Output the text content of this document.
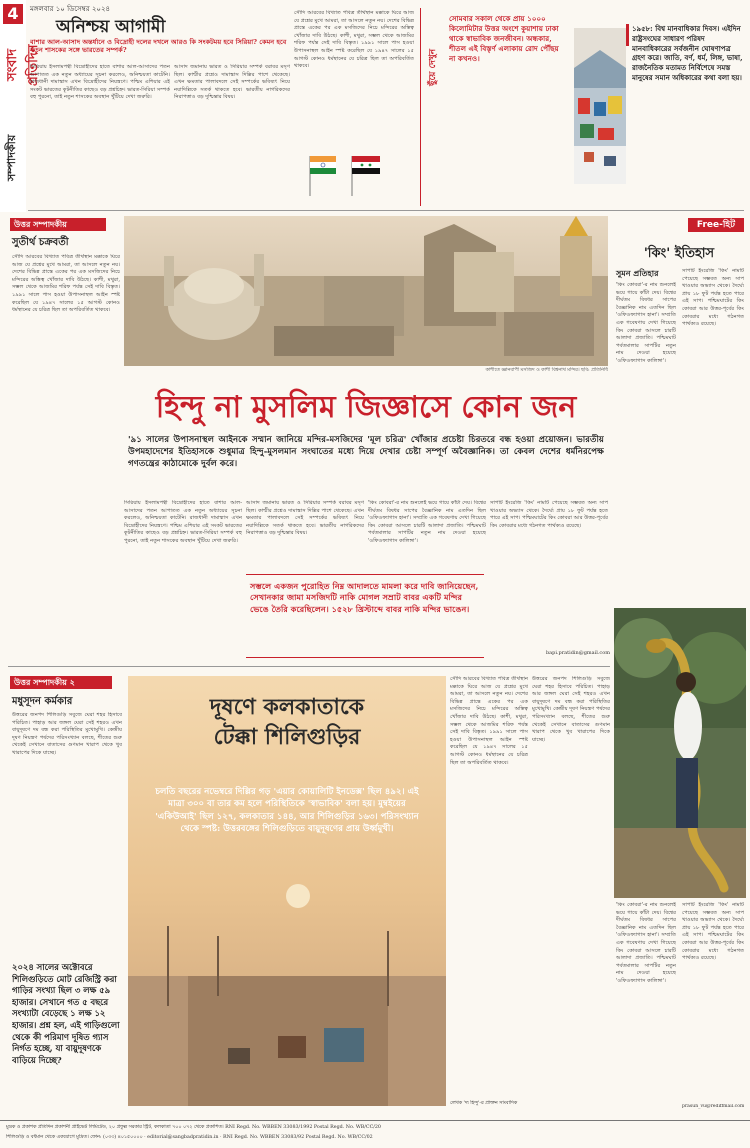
4
সংবাদ প্রতিদিন
সম্পাদকীয়
মঙ্গলবার ১০ ডিসেম্বর ২০২৪
অনিশ্চয় আগামী
বাশার আল-আসাদ অন্তর্ধানে ও বিদ্রোহী দলের দখলে আরও কি সংকটময় হবে সিরিয়া? কেমন হবে নতুন শাসকের সঙ্গে ভারতের সম্পর্ক?
সিরিয়ায় ইসলামপন্থী বিদ্রোহীদের হাতে বাশার আল-আসাদের পতন আপাতত এক নতুন অধ্যায়ের সূচনা করলেও, অনিশ্চয়তা কাটেনি। রাজধানী দামাস্কাস এখন বিদ্রোহীদের নিয়ন্ত্রণে। পশ্চিম এশিয়ার এই সংকট ভারতের কূটনীতির কাছেও বড় প্রশ্নচিহ্ন। ভারত-সিরিয়া সম্পর্ক বহু পুরনো, তাই নতুন শাসকের অবস্থান খুঁটিয়ে দেখা জরুরি।
আসাদ জমানায় ভারত ও সিরিয়ার সম্পর্ক বরাবর মসৃণ ছিল। কাশ্মীর প্রশ্নেও দামাস্কাস দিল্লির পাশে থেকেছে। এখন ক্ষমতার পালাবদলে সেই সম্পর্কের ভবিষ্যৎ নিয়ে নয়াদিল্লিকে সতর্ক থাকতে হবে। ভারতীয় নাগরিকদের নিরাপত্তাও বড় দুশ্চিন্তার বিষয়।
সৌদি আরবের বিখ্যাত পবিত্র তীর্থস্থান মক্কাকে ঘিরে আজ যে প্রশ্নের মুখে আমরা, তা আসলে নতুন নয়। দেশের বিভিন্ন প্রান্তে একের পর এক মসজিদের নিচে মন্দিরের অস্তিত্ব খোঁজার দাবি উঠছে। কাশী, মথুরা, সম্ভল থেকে আজমির শরিফ পর্যন্ত সেই দাবি বিস্তৃত। ১৯৯১ সালে পাস হওয়া উপাসনাস্থল আইন স্পষ্ট করেছিল যে ১৯৪৭ সালের ১৫ আগস্ট কোনও ধর্মস্থানের যে চরিত্র ছিল তা অপরিবর্তিত থাকবে।	ছুঁয়ে দেখুন
সোমবার সকাল থেকে প্রায় ১০০০ কিলোমিটার উত্তর অংশে কুয়াশায় ঢাকা থাকে স্বাভাবিক জনজীবন। অন্ধকার, শীতল এই বিস্তৃর্ণ এলাকায় রোদ পৌঁছয় না কখনও।
১৯৫৮: বিশ্ব মানবাধিকার দিবস। এইদিন রাষ্ট্রসংঘের সাধারণ পরিষদ মানবাধিকারের সর্বজনীন ঘোষণাপত্র গ্রহণ করে। জাতি, বর্ণ, ধর্ম, লিঙ্গ, ভাষা, রাজনৈতিক মতামত নির্বিশেষে সমস্ত মানুষের সমান অধিকারের কথা বলা হয়।
উত্তর সম্পাদকীয়
সুতীর্থ চক্রবর্তী
সৌদি আরবের বিখ্যাত পবিত্র তীর্থস্থান মক্কাকে ঘিরে আজ যে প্রশ্নের মুখে আমরা, তা আসলে নতুন নয়। দেশের বিভিন্ন প্রান্তে একের পর এক মসজিদের নিচে মন্দিরের অস্তিত্ব খোঁজার দাবি উঠছে। কাশী, মথুরা, সম্ভল থেকে আজমির শরিফ পর্যন্ত সেই দাবি বিস্তৃত। ১৯৯১ সালে পাস হওয়া উপাসনাস্থল আইন স্পষ্ট করেছিল যে ১৯৪৭ সালের ১৫ আগস্ট কোনও ধর্মস্থানের যে চরিত্র ছিল তা অপরিবর্তিত থাকবে।
কাশীতে জ্ঞানবাপী মসজিদ ও কাশী বিশ্বনাথ মন্দির। ছবি: প্রতিনিধি
হিন্দু না মুসলিম জিজ্ঞাসে কোন জন
'৯১ সালের উপাসনাস্থল আইনকে সম্মান জানিয়ে মন্দির-মসজিদের 'মূল চরিত্র' খোঁজার প্রচেষ্টা চিরতরে বন্ধ হওয়া প্রয়োজন। ভারতীয় উপমহাদেশের ইতিহাসকে শুধুমাত্র হিন্দু-মুসলমান সংঘাতের মধ্যে দিয়ে দেখার চেষ্টা সম্পূর্ণ অবৈজ্ঞানিক। তা কেবল দেশের ধর্মনিরপেক্ষ গণতন্ত্রের কাঠামোকে দুর্বল করে।
সিরিয়ায় ইসলামপন্থী বিদ্রোহীদের হাতে বাশার আল-আসাদের পতন আপাতত এক নতুন অধ্যায়ের সূচনা করলেও, অনিশ্চয়তা কাটেনি। রাজধানী দামাস্কাস এখন বিদ্রোহীদের নিয়ন্ত্রণে। পশ্চিম এশিয়ার এই সংকট ভারতের কূটনীতির কাছেও বড় প্রশ্নচিহ্ন। ভারত-সিরিয়া সম্পর্ক বহু পুরনো, তাই নতুন শাসকের অবস্থান খুঁটিয়ে দেখা জরুরি।
আসাদ জমানায় ভারত ও সিরিয়ার সম্পর্ক বরাবর মসৃণ ছিল। কাশ্মীর প্রশ্নেও দামাস্কাস দিল্লির পাশে থেকেছে। এখন ক্ষমতার পালাবদলে সেই সম্পর্কের ভবিষ্যৎ নিয়ে নয়াদিল্লিকে সতর্ক থাকতে হবে। ভারতীয় নাগরিকদের নিরাপত্তাও বড় দুশ্চিন্তার বিষয়।
'কিং কোবরা'-র নাম শুনলেই ভয়ে গায়ে কাঁটা দেয়। বিশ্বের দীর্ঘতম বিষধর সাপের বৈজ্ঞানিক নাম এতদিন ছিল 'ওফিওফ্যাগাস হানা'। সম্প্রতি এক গবেষণায় দেখা গিয়েছে কিং কোবরা আসলে চারটি আলাদা প্রজাতি। পশ্চিমঘাট পর্বতমালার সাপটির নতুন নাম দেওয়া হয়েছে 'ওফিওফ্যাগাস কালিঙ্গা'।
সাপটি ইংরেজি 'কিং' নামটি পেয়েছে সম্ভবত অন্য সাপ খাওয়ার অভ্যাস থেকে। দৈর্ঘ্যে প্রায় ১৮ ফুট পর্যন্ত হতে পারে এই সাপ। পশ্চিমঘাটের কিং কোবরা আর উত্তর-পূর্বের কিং কোবরার মধ্যে গঠনগত পার্থক্যও রয়েছে।
সম্ভলে একজন পুরোহিত নিম্ন আদালতে মামলা করে দাবি জানিয়েছেন, সেখানকার জামা মসজিদটি নাকি মোগল সম্রাট বাবর একটি মন্দির ভেঙে তৈরি করেছিলেন। ১৫২৮ খ্রিস্টাব্দে বাবর নাকি মন্দির ভাঙেন।
bapi.pratidin@gmail.com
Free-হিট
'কিং' ইতিহাস
সুমন প্রতিহার
'কিং কোবরা'-র নাম শুনলেই ভয়ে গায়ে কাঁটা দেয়। বিশ্বের দীর্ঘতম বিষধর সাপের বৈজ্ঞানিক নাম এতদিন ছিল 'ওফিওফ্যাগাস হানা'। সম্প্রতি এক গবেষণায় দেখা গিয়েছে কিং কোবরা আসলে চারটি আলাদা প্রজাতি। পশ্চিমঘাট পর্বতমালার সাপটির নতুন নাম দেওয়া হয়েছে 'ওফিওফ্যাগাস কালিঙ্গা'।
সাপটি ইংরেজি 'কিং' নামটি পেয়েছে সম্ভবত অন্য সাপ খাওয়ার অভ্যাস থেকে। দৈর্ঘ্যে প্রায় ১৮ ফুট পর্যন্ত হতে পারে এই সাপ। পশ্চিমঘাটের কিং কোবরা আর উত্তর-পূর্বের কিং কোবরার মধ্যে গঠনগত পার্থক্যও রয়েছে।
'কিং কোবরা'-র নাম শুনলেই ভয়ে গায়ে কাঁটা দেয়। বিশ্বের দীর্ঘতম বিষধর সাপের বৈজ্ঞানিক নাম এতদিন ছিল 'ওফিওফ্যাগাস হানা'। সম্প্রতি এক গবেষণায় দেখা গিয়েছে কিং কোবরা আসলে চারটি আলাদা প্রজাতি। পশ্চিমঘাট পর্বতমালার সাপটির নতুন নাম দেওয়া হয়েছে 'ওফিওফ্যাগাস কালিঙ্গা'।
সাপটি ইংরেজি 'কিং' নামটি পেয়েছে সম্ভবত অন্য সাপ খাওয়ার অভ্যাস থেকে। দৈর্ঘ্যে প্রায় ১৮ ফুট পর্যন্ত হতে পারে এই সাপ। পশ্চিমঘাটের কিং কোবরা আর উত্তর-পূর্বের কিং কোবরার মধ্যে গঠনগত পার্থক্যও রয়েছে।
prasun_vu@rediffmail.com
উত্তর সম্পাদকীয় ২
মধুসূদন কর্মকার
উত্তরের জনপদ শিলিগুড়ি সবুজে ঘেরা শহর হিসাবে পরিচিত। পাহাড় আর জঙ্গল ঘেরা সেই শহরও এখন বায়ুদূষণে দম বন্ধ করা পরিস্থিতির মুখোমুখি। কেন্দ্রীয় দূষণ নিয়ন্ত্রণ পর্ষদের পরিসংখ্যান বলছে, শীতের শুরু থেকেই সেখানে বাতাসের গুণমান খারাপ থেকে খুব খারাপের দিকে যাচ্ছে।
২০২৪ সালের অক্টোবরে শিলিগুড়িতে মোট রেজিস্ট্রি করা গাড়ির সংখ্যা ছিল ৩ লক্ষ ৫৯ হাজার। সেখানে গত ৫ বছরে সংখ্যাটা বেড়েছে ১ লক্ষ ১২ হাজার। প্রশ্ন হল, এই গাড়িগুলো থেকে কী পরিমাণ দূষিত গ্যাস নির্গত হচ্ছে, যা বায়ুদূষণকে বাড়িয়ে দিচ্ছে?
দূষণে কলকাতাকে
টেক্কা শিলিগুড়ির
চলতি বছরের নভেম্বরে দিল্লির গড় 'এয়ার কোয়ালিটি ইনডেক্স' ছিল ৪৯২। এই মাত্রা ৩০০ বা তার কম হলে পরিস্থিতিকে 'স্বাভাবিক' বলা হয়। মুম্বইয়ের 'একিউআই' ছিল ১২৭, কলকাতার ১৪৪, আর শিলিগুড়ির ১৬৩। পরিসংখ্যান থেকে স্পষ্ট: উত্তরবঙ্গের শিলিগুড়িতে বায়ুদূষণের প্রায় উর্ধ্বমুখী।
সৌদি আরবের বিখ্যাত পবিত্র তীর্থস্থান মক্কাকে ঘিরে আজ যে প্রশ্নের মুখে আমরা, তা আসলে নতুন নয়। দেশের বিভিন্ন প্রান্তে একের পর এক মসজিদের নিচে মন্দিরের অস্তিত্ব খোঁজার দাবি উঠছে। কাশী, মথুরা, সম্ভল থেকে আজমির শরিফ পর্যন্ত সেই দাবি বিস্তৃত। ১৯৯১ সালে পাস হওয়া উপাসনাস্থল আইন স্পষ্ট করেছিল যে ১৯৪৭ সালের ১৫ আগস্ট কোনও ধর্মস্থানের যে চরিত্র ছিল তা অপরিবর্তিত থাকবে।
উত্তরের জনপদ শিলিগুড়ি সবুজে ঘেরা শহর হিসাবে পরিচিত। পাহাড় আর জঙ্গল ঘেরা সেই শহরও এখন বায়ুদূষণে দম বন্ধ করা পরিস্থিতির মুখোমুখি। কেন্দ্রীয় দূষণ নিয়ন্ত্রণ পর্ষদের পরিসংখ্যান বলছে, শীতের শুরু থেকেই সেখানে বাতাসের গুণমান খারাপ থেকে খুব খারাপের দিকে যাচ্ছে।
লেখক 'দ্য হিন্দু'-র প্রাক্তন সাংবাদিক
মুদ্রক ও প্রকাশক প্রতিদিন প্রকাশনী প্রাইভেট লিমিটেড, ২০ প্রফুল্ল সরকার স্ট্রিট, কলকাতা ৭০০ ০৭২ থেকে প্রকাশিত। RNI Regd. No. WBBEN 33083/1992 Postal Regd. No. WB/CC/20
শিলিগুড়ি ও বর্ধমান থেকে একযোগে মুদ্রিত। ফোন: (০৩৩) ৪০১৫০০০০ · editorial@sangbadpratidin.in · RNI Regd. No. WBBEN 33083/92 Postal Regd. No. WB/CC/02
